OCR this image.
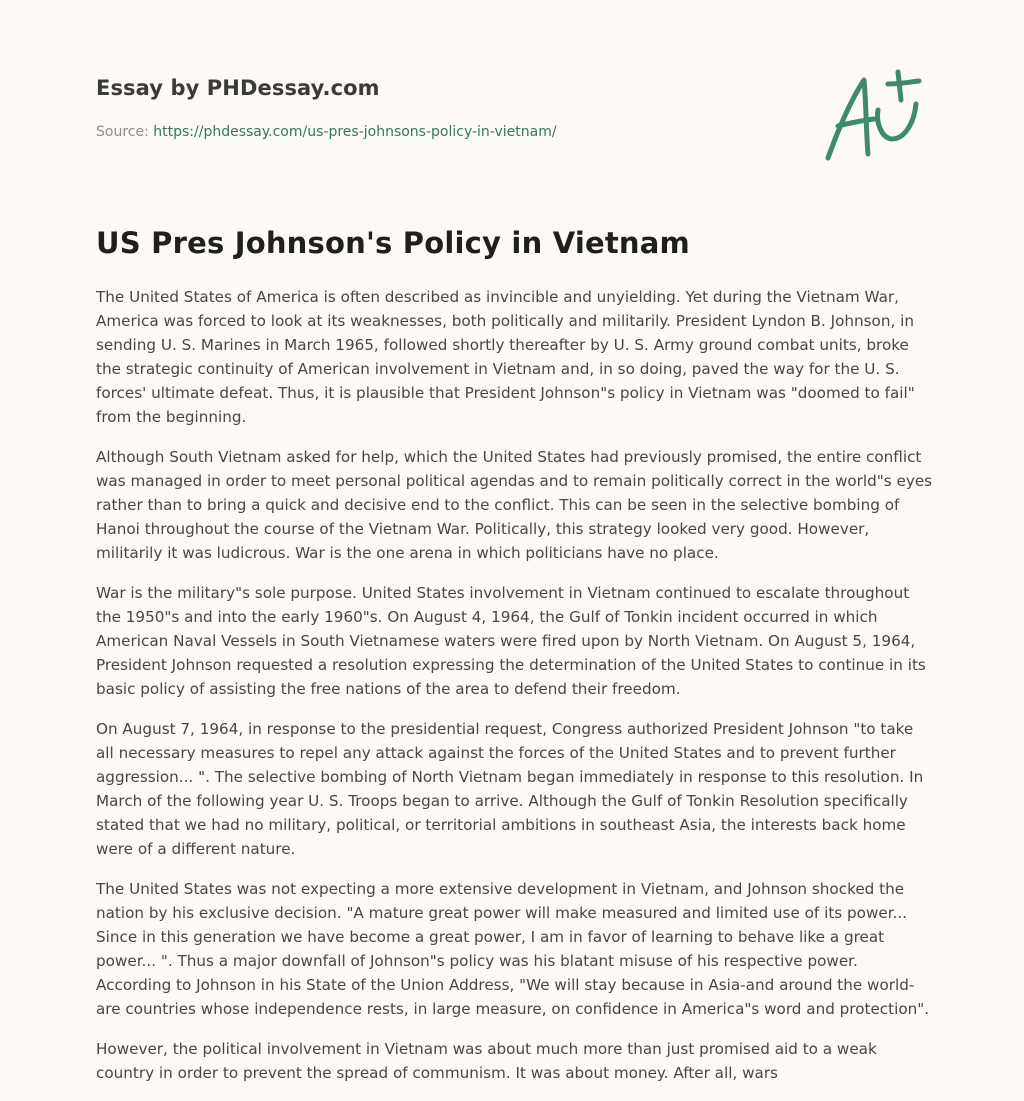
Essay by PHDessay.com
Source: https://phdessay.com/us-pres-johnsons-policy-in-vietnam/
US Pres Johnson's Policy in Vietnam

The United States of America is often described as invincible and unyielding. Yet during the Vietnam War, America was forced to look at its weaknesses, both politically and militarily. President Lyndon B. Johnson, in sending U. S. Marines in March 1965, followed shortly thereafter by U. S. Army ground combat units, broke the strategic continuity of American involvement in Vietnam and, in so doing, paved the way for the U. S. forces' ultimate defeat. Thus, it is plausible that President Johnson"s policy in Vietnam was "doomed to fail" from the beginning.

Although South Vietnam asked for help, which the United States had previously promised, the entire conflict was managed in order to meet personal political agendas and to remain politically correct in the world"s eyes rather than to bring a quick and decisive end to the conflict. This can be seen in the selective bombing of Hanoi throughout the course of the Vietnam War. Politically, this strategy looked very good. However, militarily it was ludicrous. War is the one arena in which politicians have no place.

War is the military"s sole purpose. United States involvement in Vietnam continued to escalate throughout the 1950"s and into the early 1960"s. On August 4, 1964, the Gulf of Tonkin incident occurred in which American Naval Vessels in South Vietnamese waters were fired upon by North Vietnam. On August 5, 1964, President Johnson requested a resolution expressing the determination of the United States to continue in its basic policy of assisting the free nations of the area to defend their freedom.

On August 7, 1964, in response to the presidential request, Congress authorized President Johnson "to take all necessary measures to repel any attack against the forces of the United States and to prevent further aggression... ". The selective bombing of North Vietnam began immediately in response to this resolution. In March of the following year U. S. Troops began to arrive. Although the Gulf of Tonkin Resolution specifically stated that we had no military, political, or territorial ambitions in southeast Asia, the interests back home were of a different nature.

The United States was not expecting a more extensive development in Vietnam, and Johnson shocked the nation by his exclusive decision. "A mature great power will make measured and limited use of its power... Since in this generation we have become a great power, I am in favor of learning to behave like a great power... ". Thus a major downfall of Johnson"s policy was his blatant misuse of his respective power. According to Johnson in his State of the Union Address, "We will stay because in Asia-and around the world-are countries whose independence rests, in large measure, on confidence in America"s word and protection".

However, the political involvement in Vietnam was about much more than just promised aid to a weak country in order to prevent the spread of communism. It was about money. After all, wars
